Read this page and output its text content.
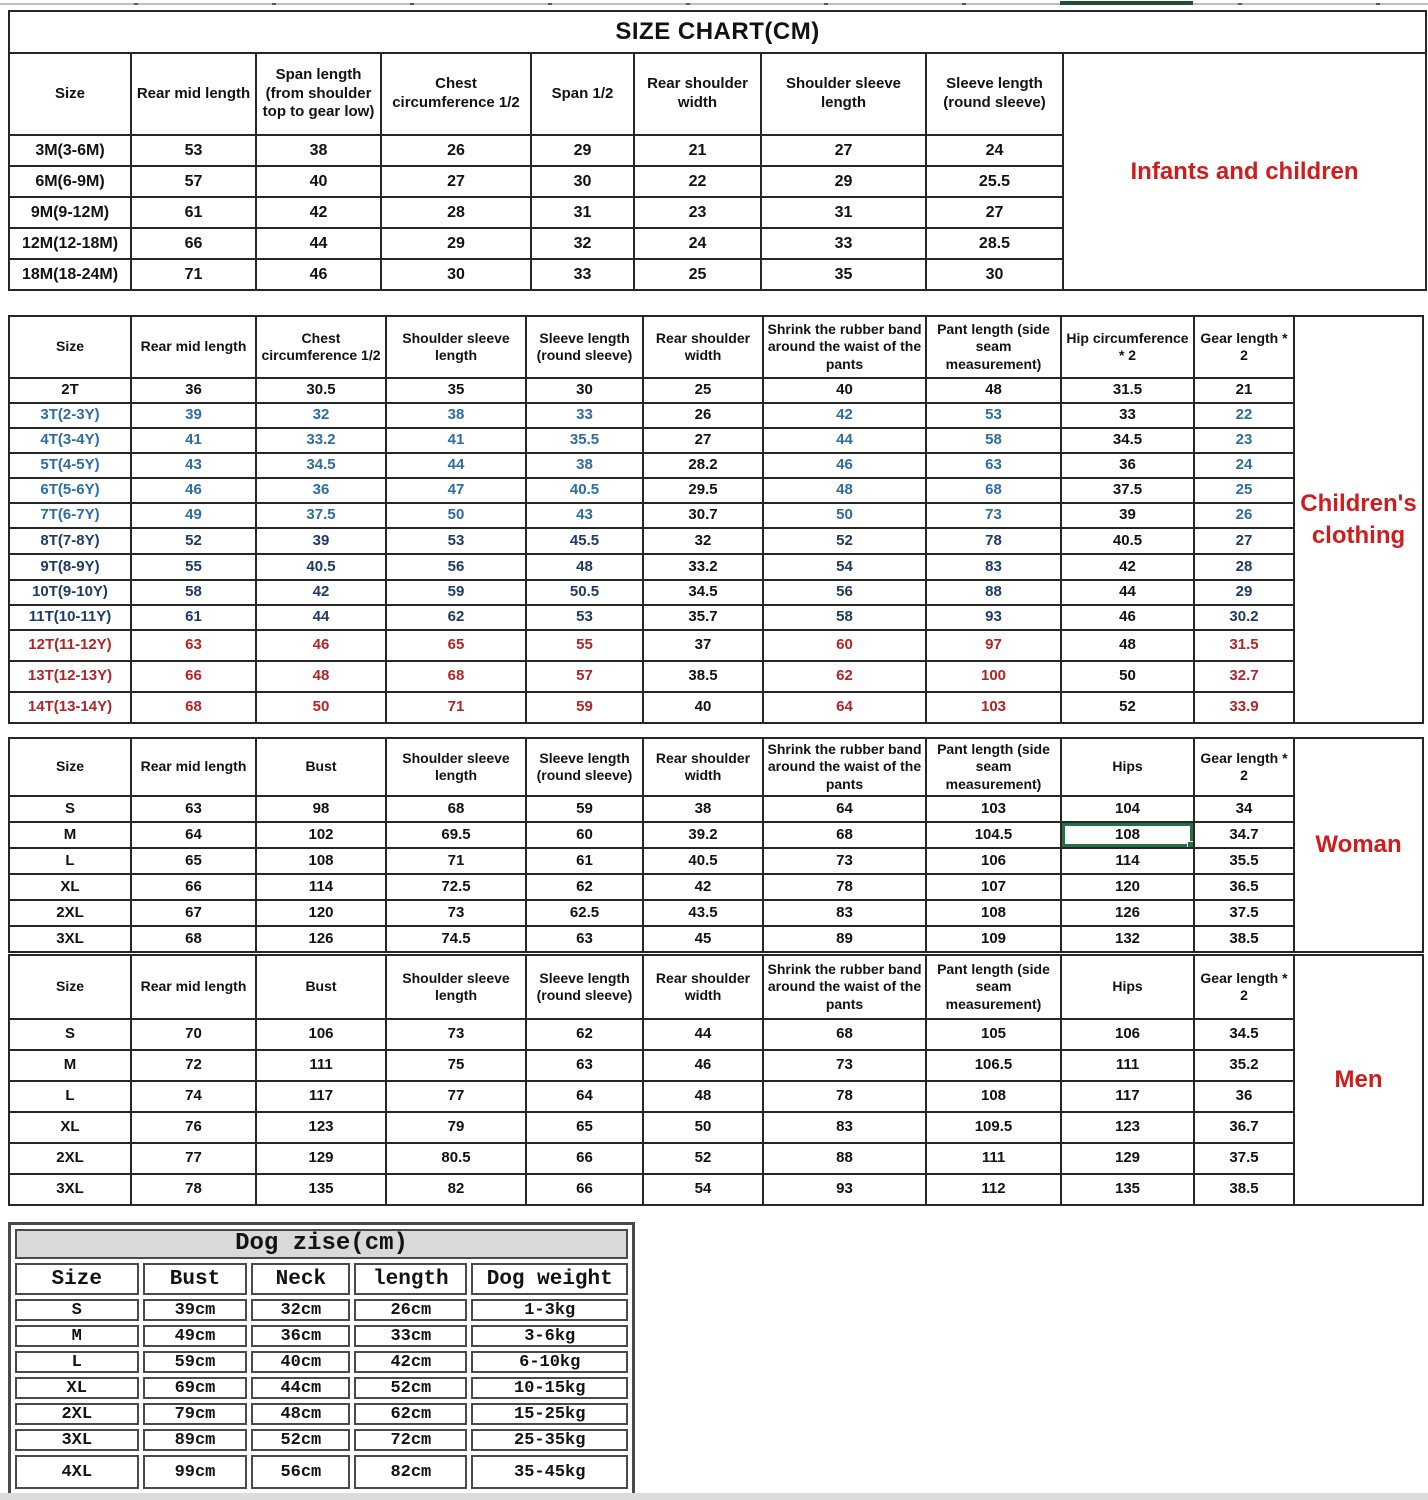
SIZE CHART(CM)								
Size	Rear mid length	Span length (from shoulder top to gear low)	Chest circumference 1/2	Span 1/2	Rear shoulder width	Shoulder sleeve length	Sleeve length (round sleeve)	Infants and children
3M(3-6M)	53	38	26	29	21	27	24	
6M(6-9M)	57	40	27	30	22	29	25.5	
9M(9-12M)	61	42	28	31	23	31	27	
12M(12-18M)	66	44	29	32	24	33	28.5	
18M(18-24M)	71	46	30	33	25	35	30	
Size	Rear mid length	Chest circumference 1/2	Shoulder sleeve length	Sleeve length (round sleeve)	Rear shoulder width	Shrink the rubber band around the waist of the pants	Pant length (side seam measurement)	Hip circumference * 2	Gear length * 2	Children's clothing
2T	36	30.5	35	30	25	40	48	31.5	21	
3T(2-3Y)	39	32	38	33	26	42	53	33	22	
4T(3-4Y)	41	33.2	41	35.5	27	44	58	34.5	23	
5T(4-5Y)	43	34.5	44	38	28.2	46	63	36	24	
6T(5-6Y)	46	36	47	40.5	29.5	48	68	37.5	25	
7T(6-7Y)	49	37.5	50	43	30.7	50	73	39	26	
8T(7-8Y)	52	39	53	45.5	32	52	78	40.5	27	
9T(8-9Y)	55	40.5	56	48	33.2	54	83	42	28	
10T(9-10Y)	58	42	59	50.5	34.5	56	88	44	29	
11T(10-11Y)	61	44	62	53	35.7	58	93	46	30.2	
12T(11-12Y)	63	46	65	55	37	60	97	48	31.5	
13T(12-13Y)	66	48	68	57	38.5	62	100	50	32.7	
14T(13-14Y)	68	50	71	59	40	64	103	52	33.9	
Size	Rear mid length	Bust	Shoulder sleeve length	Sleeve length (round sleeve)	Rear shoulder width	Shrink the rubber band around the waist of the pants	Pant length (side seam measurement)	Hips	Gear length * 2	Woman
S	63	98	68	59	38	64	103	104	34	
M	64	102	69.5	60	39.2	68	104.5	108	34.7	
L	65	108	71	61	40.5	73	106	114	35.5	
XL	66	114	72.5	62	42	78	107	120	36.5	
2XL	67	120	73	62.5	43.5	83	108	126	37.5	
3XL	68	126	74.5	63	45	89	109	132	38.5	
Size	Rear mid length	Bust	Shoulder sleeve length	Sleeve length (round sleeve)	Rear shoulder width	Shrink the rubber band around the waist of the pants	Pant length (side seam measurement)	Hips	Gear length * 2	Men
S	70	106	73	62	44	68	105	106	34.5	
M	72	111	75	63	46	73	106.5	111	35.2	
L	74	117	77	64	48	78	108	117	36	
XL	76	123	79	65	50	83	109.5	123	36.7	
2XL	77	129	80.5	66	52	88	111	129	37.5	
3XL	78	135	82	66	54	93	112	135	38.5	
Dog zise(cm)				
Size	Bust	Neck	length	Dog weight
S	39cm	32cm	26cm	1-3kg
M	49cm	36cm	33cm	3-6kg
L	59cm	40cm	42cm	6-10kg
XL	69cm	44cm	52cm	10-15kg
2XL	79cm	48cm	62cm	15-25kg
3XL	89cm	52cm	72cm	25-35kg
4XL	99cm	56cm	82cm	35-45kg
